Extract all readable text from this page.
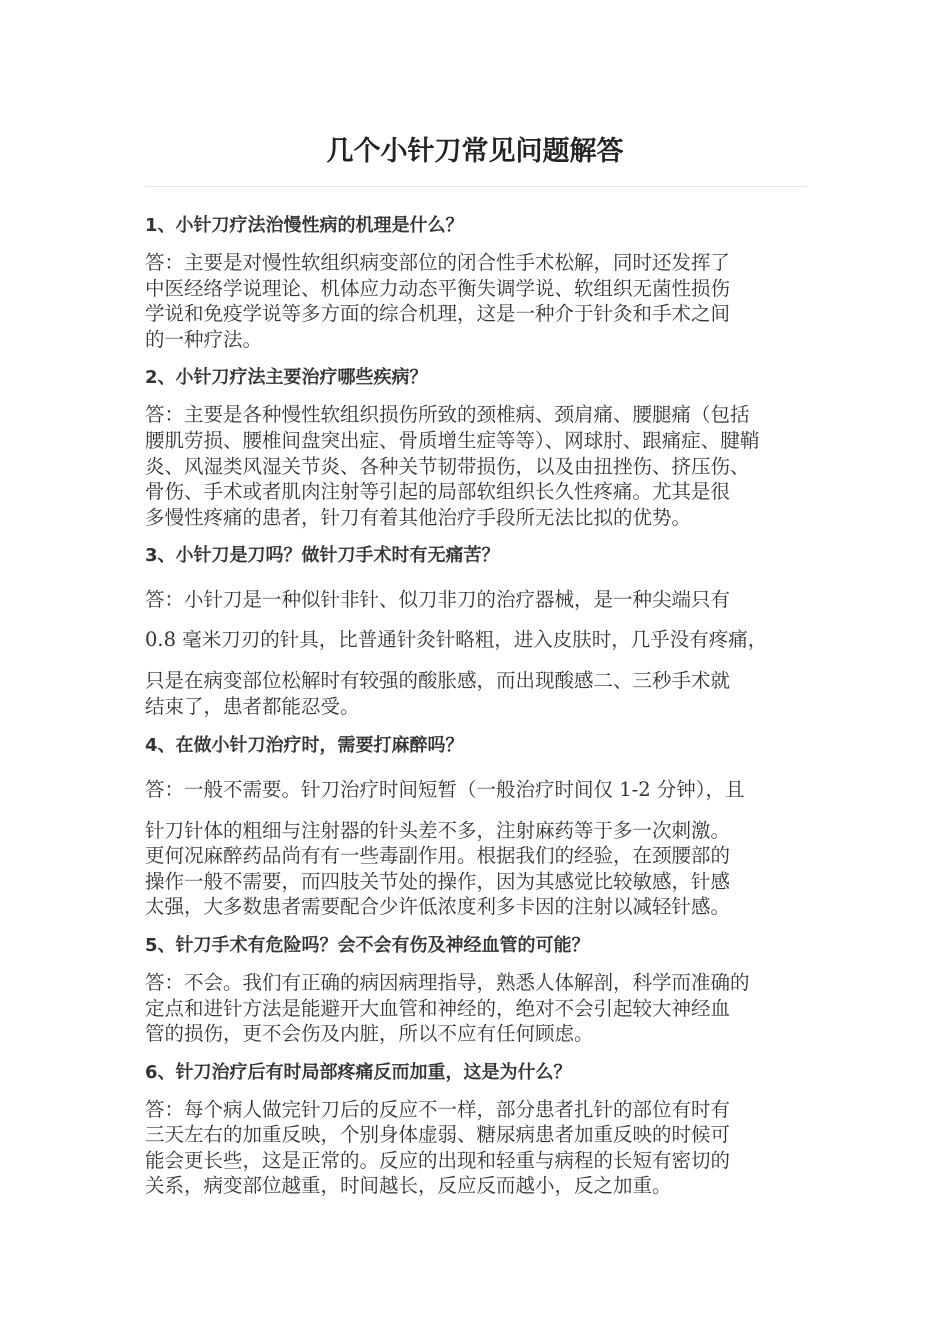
几个小针刀常见问题解答

1、小针刀疗法治慢性病的机理是什么？

答：主要是对慢性软组织病变部位的闭合性手术松解，同时还发挥了
中医经络学说理论、机体应力动态平衡失调学说、软组织无菌性损伤
学说和免疫学说等多方面的综合机理，这是一种介于针灸和手术之间
的一种疗法。

2、小针刀疗法主要治疗哪些疾病？

答：主要是各种慢性软组织损伤所致的颈椎病、颈肩痛、腰腿痛（包括
腰肌劳损、腰椎间盘突出症、骨质增生症等等）、网球肘、跟痛症、腱鞘
炎、风湿类风湿关节炎、各种关节韧带损伤，以及由扭挫伤、挤压伤、
骨伤、手术或者肌肉注射等引起的局部软组织长久性疼痛。尤其是很
多慢性疼痛的患者，针刀有着其他治疗手段所无法比拟的优势。

3、小针刀是刀吗？做针刀手术时有无痛苦？

答：小针刀是一种似针非针、似刀非刀的治疗器械，是一种尖端只有
0.8 毫米刀刃的针具，比普通针灸针略粗，进入皮肤时，几乎没有疼痛，
只是在病变部位松解时有较强的酸胀感，而出现酸感二、三秒手术就
结束了，患者都能忍受。

4、在做小针刀治疗时，需要打麻醉吗？

答：一般不需要。针刀治疗时间短暂（一般治疗时间仅 1-2 分钟），且
针刀针体的粗细与注射器的针头差不多，注射麻药等于多一次刺激。
更何况麻醉药品尚有有一些毒副作用。根据我们的经验，在颈腰部的
操作一般不需要，而四肢关节处的操作，因为其感觉比较敏感，针感
太强，大多数患者需要配合少许低浓度利多卡因的注射以减轻针感。

5、针刀手术有危险吗？会不会有伤及神经血管的可能？

答：不会。我们有正确的病因病理指导，熟悉人体解剖，科学而准确的
定点和进针方法是能避开大血管和神经的，绝对不会引起较大神经血
管的损伤，更不会伤及内脏，所以不应有任何顾虑。

6、针刀治疗后有时局部疼痛反而加重，这是为什么？

答：每个病人做完针刀后的反应不一样，部分患者扎针的部位有时有
三天左右的加重反映，个别身体虚弱、糖尿病患者加重反映的时候可
能会更长些，这是正常的。反应的出现和轻重与病程的长短有密切的
关系，病变部位越重，时间越长，反应反而越小，反之加重。
